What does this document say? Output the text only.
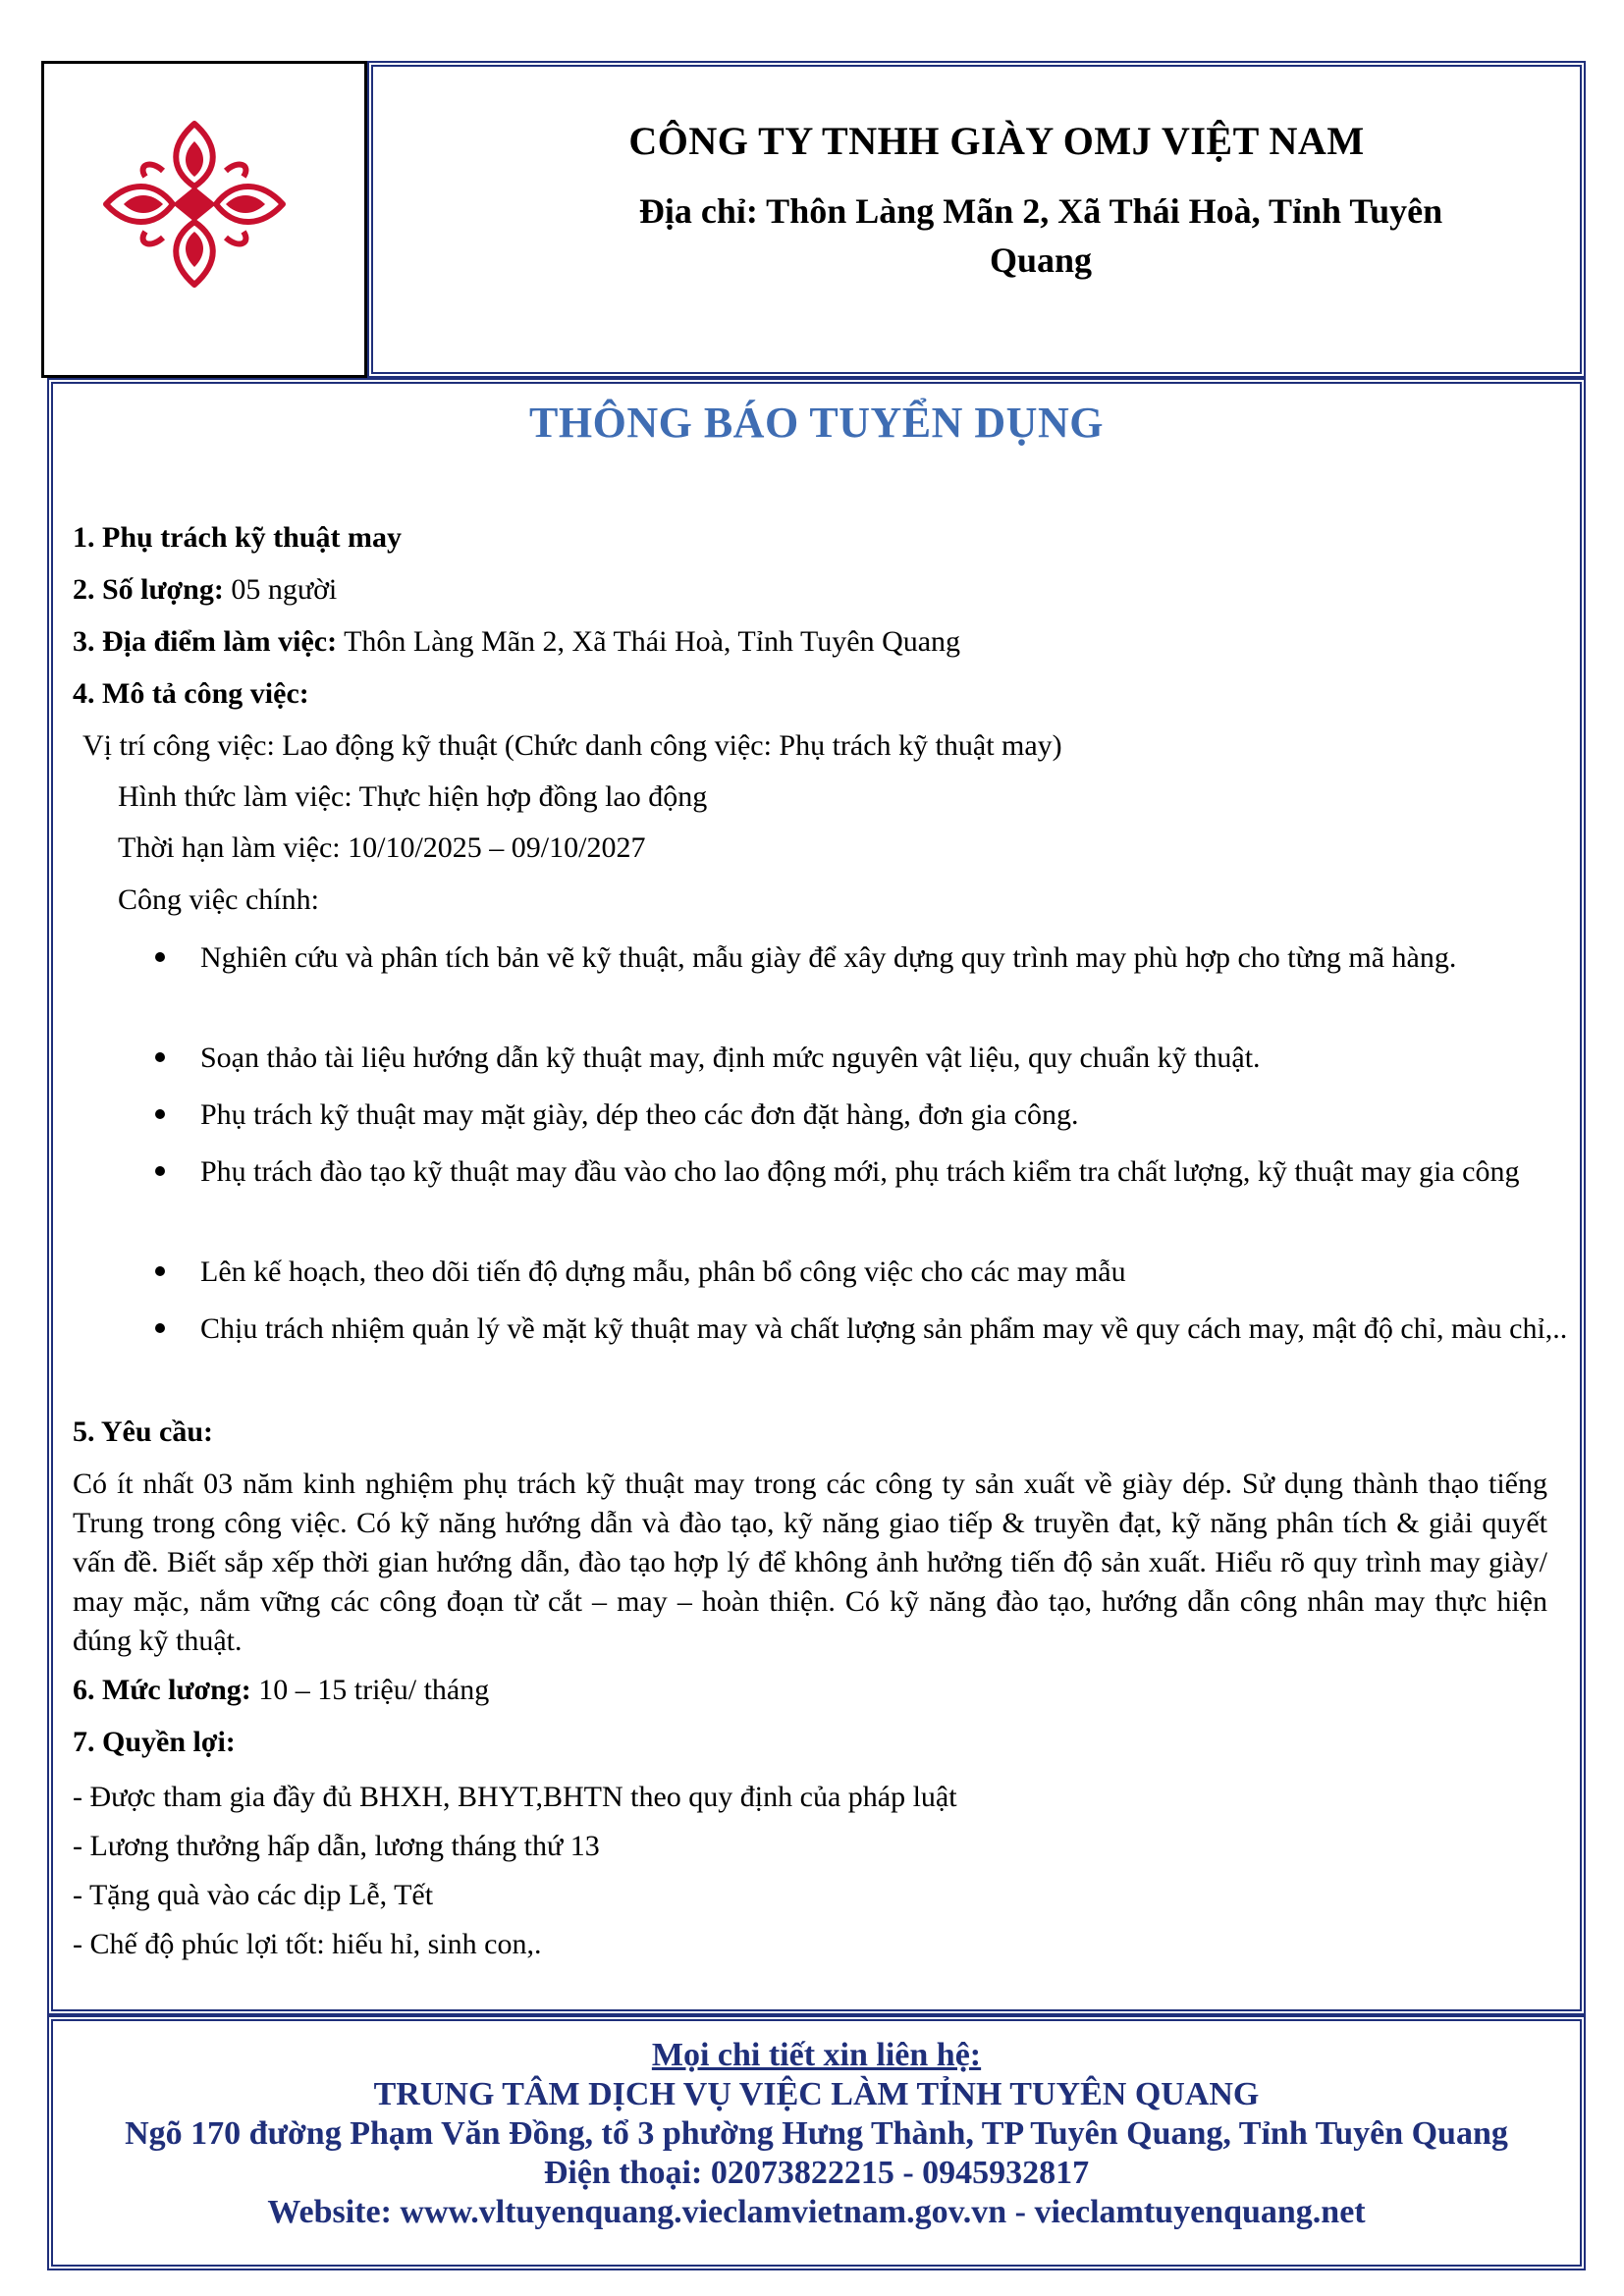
CÔNG TY TNHH GIÀY OMJ VIỆT NAM
Địa chỉ: Thôn Làng Mãn 2, Xã Thái Hoà, Tỉnh Tuyên
Quang
THÔNG BÁO TUYỂN DỤNG
1. Phụ trách kỹ thuật may
2. Số lượng: 05 người
3. Địa điểm làm việc: Thôn Làng Mãn 2, Xã Thái Hoà, Tỉnh Tuyên Quang
4. Mô tả công việc:
Vị trí công việc: Lao động kỹ thuật (Chức danh công việc: Phụ trách kỹ thuật may)
Hình thức làm việc: Thực hiện hợp đồng lao động
Thời hạn làm việc: 10/10/2025 – 09/10/2027
Công việc chính:
Nghiên cứu và phân tích bản vẽ kỹ thuật, mẫu giày để xây dựng quy trình may phù hợp cho từng mã hàng.
Soạn thảo tài liệu hướng dẫn kỹ thuật may, định mức nguyên vật liệu, quy chuẩn kỹ thuật.
Phụ trách kỹ thuật may mặt giày, dép theo các đơn đặt hàng, đơn gia công.
Phụ trách đào tạo kỹ thuật may đầu vào cho lao động mới, phụ trách kiểm tra chất lượng, kỹ thuật may gia công
Lên kế hoạch, theo dõi tiến độ dựng mẫu, phân bổ công việc cho các may mẫu
Chịu trách nhiệm quản lý về mặt kỹ thuật may và chất lượng sản phẩm may về quy cách may, mật độ chỉ, màu chỉ,..
5. Yêu cầu:
Có ít nhất 03 năm kinh nghiệm phụ trách kỹ thuật may trong các công ty sản xuất về giày dép. Sử dụng thành thạo tiếng Trung trong công việc. Có kỹ năng hướng dẫn và đào tạo, kỹ năng giao tiếp & truyền đạt, kỹ năng phân tích & giải quyết vấn đề. Biết sắp xếp thời gian hướng dẫn, đào tạo hợp lý để không ảnh hưởng tiến độ sản xuất. Hiểu rõ quy trình may giày/ may mặc, nắm vững các công đoạn từ cắt – may – hoàn thiện. Có kỹ năng đào tạo, hướng dẫn công nhân may thực hiện đúng kỹ thuật.
6. Mức lương: 10 – 15 triệu/ tháng
7. Quyền lợi:
- Được tham gia đầy đủ BHXH, BHYT,BHTN theo quy định của pháp luật
- Lương thưởng hấp dẫn, lương tháng thứ 13
- Tặng quà vào các dịp Lễ, Tết
- Chế độ phúc lợi tốt: hiếu hỉ, sinh con,.
Mọi chi tiết xin liên hệ:
TRUNG TÂM DỊCH VỤ VIỆC LÀM TỈNH TUYÊN QUANG
Ngõ 170 đường Phạm Văn Đồng, tổ 3 phường Hưng Thành, TP Tuyên Quang, Tỉnh Tuyên Quang
Điện thoại: 02073822215 - 0945932817
Website: www.vltuyenquang.vieclamvietnam.gov.vn - vieclamtuyenquang.net
